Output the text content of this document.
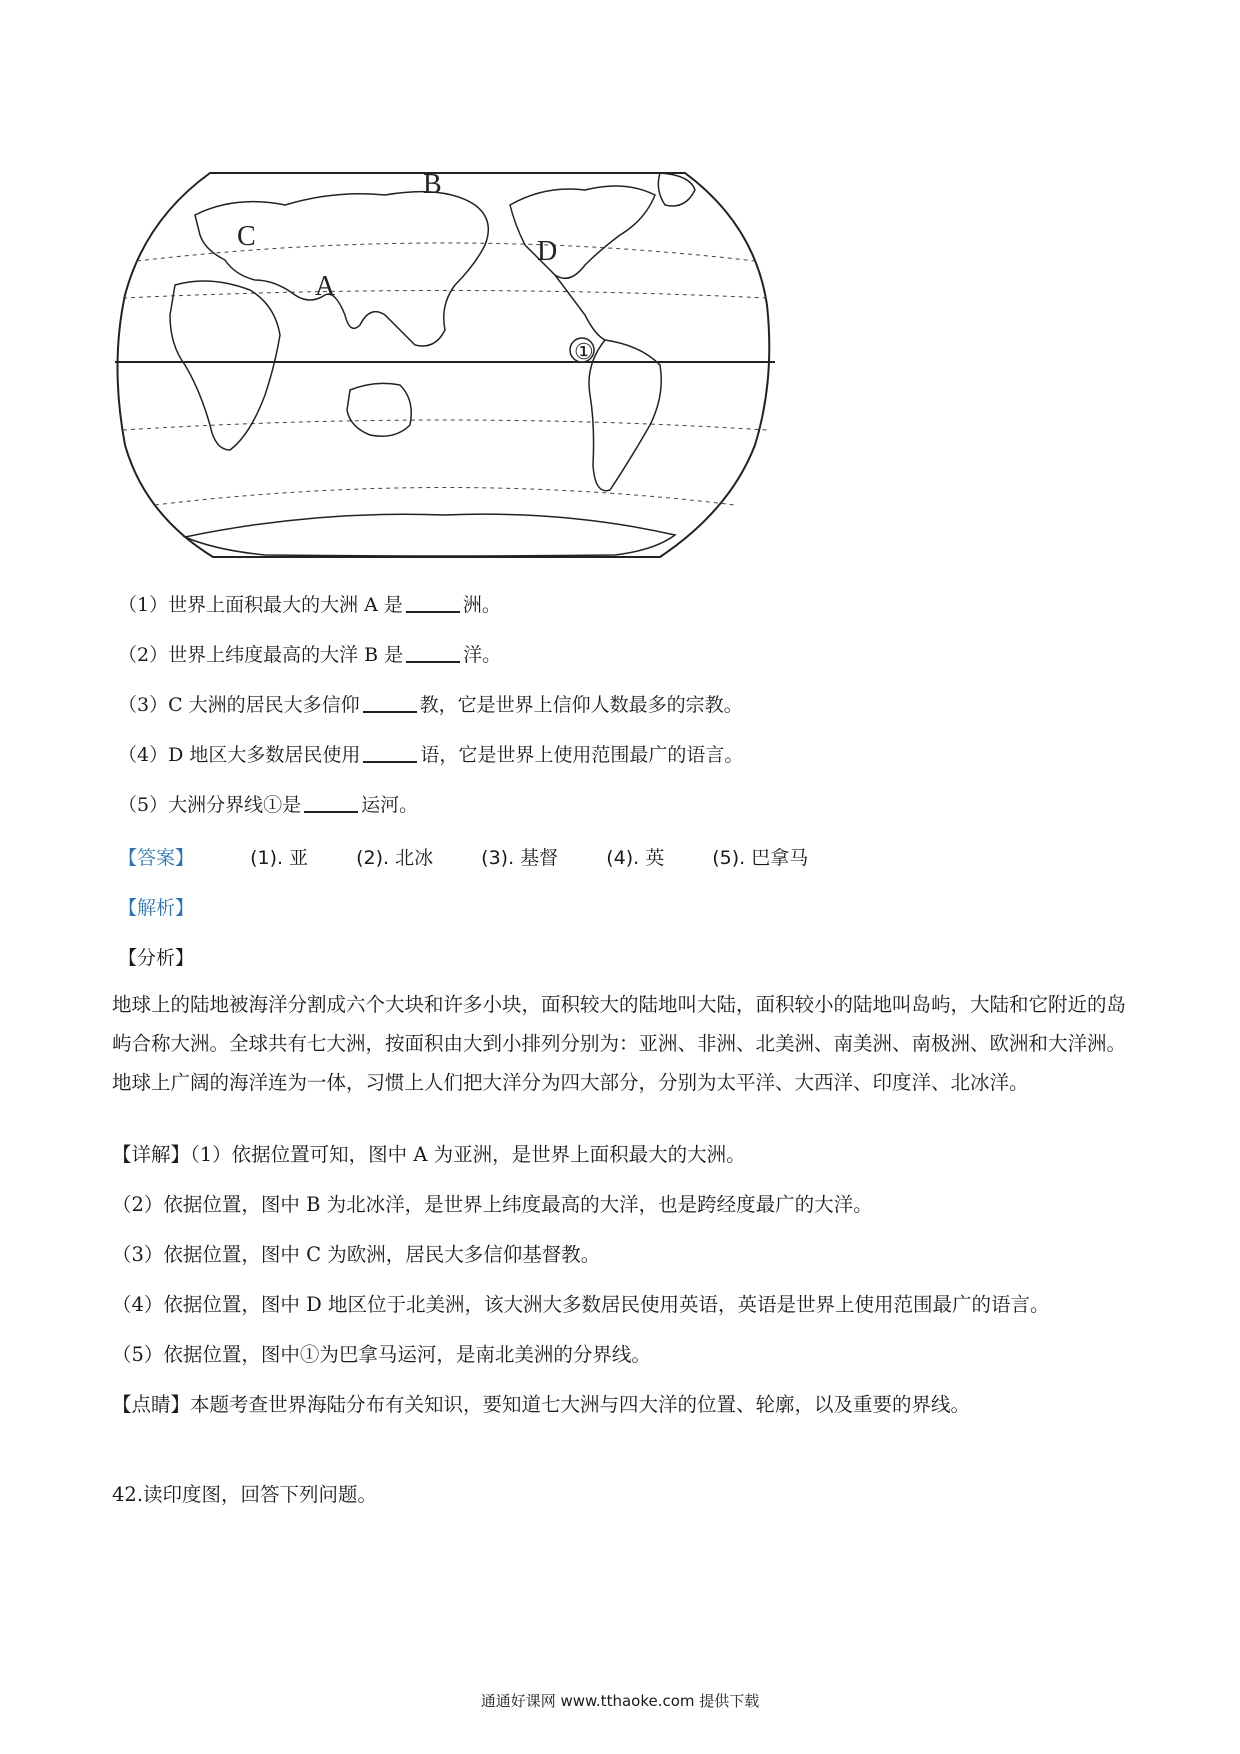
B
C
A
D
①
（1）世界上面积最大的大洲 A 是	洲。
（2）世界上纬度最高的大洋 B 是	洋。
（3）C 大洲的居民大多信仰	教，它是世界上信仰人数最多的宗教。
（4）D 地区大多数居民使用	语，它是世界上使用范围最广的语言。
（5）大洲分界线①是	运河。
【答案】	(1). 亚	(2). 北冰	(3). 基督	(4). 英	(5). 巴拿马
【解析】
【分析】

地球上的陆地被海洋分割成六个大块和许多小块，面积较大的陆地叫大陆，面积较小的陆地叫岛屿，大陆和它附近的岛屿合称大洲。全球共有七大洲，按面积由大到小排列分别为：亚洲、非洲、北美洲、南美洲、南极洲、欧洲和大洋洲。地球上广阔的海洋连为一体，习惯上人们把大洋分为四大部分，分别为太平洋、大西洋、印度洋、北冰洋。

【详解】（1）依据位置可知，图中 A 为亚洲，是世界上面积最大的大洲。
（2）依据位置，图中 B 为北冰洋，是世界上纬度最高的大洋，也是跨经度最广的大洋。
（3）依据位置，图中 C 为欧洲，居民大多信仰基督教。
（4）依据位置，图中 D 地区位于北美洲，该大洲大多数居民使用英语，英语是世界上使用范围最广的语言。
（5）依据位置，图中①为巴拿马运河，是南北美洲的分界线。
【点睛】本题考查世界海陆分布有关知识，要知道七大洲与四大洋的位置、轮廓，以及重要的界线。
42.读印度图，回答下列问题。
通通好课网 www.tthaoke.com 提供下载
